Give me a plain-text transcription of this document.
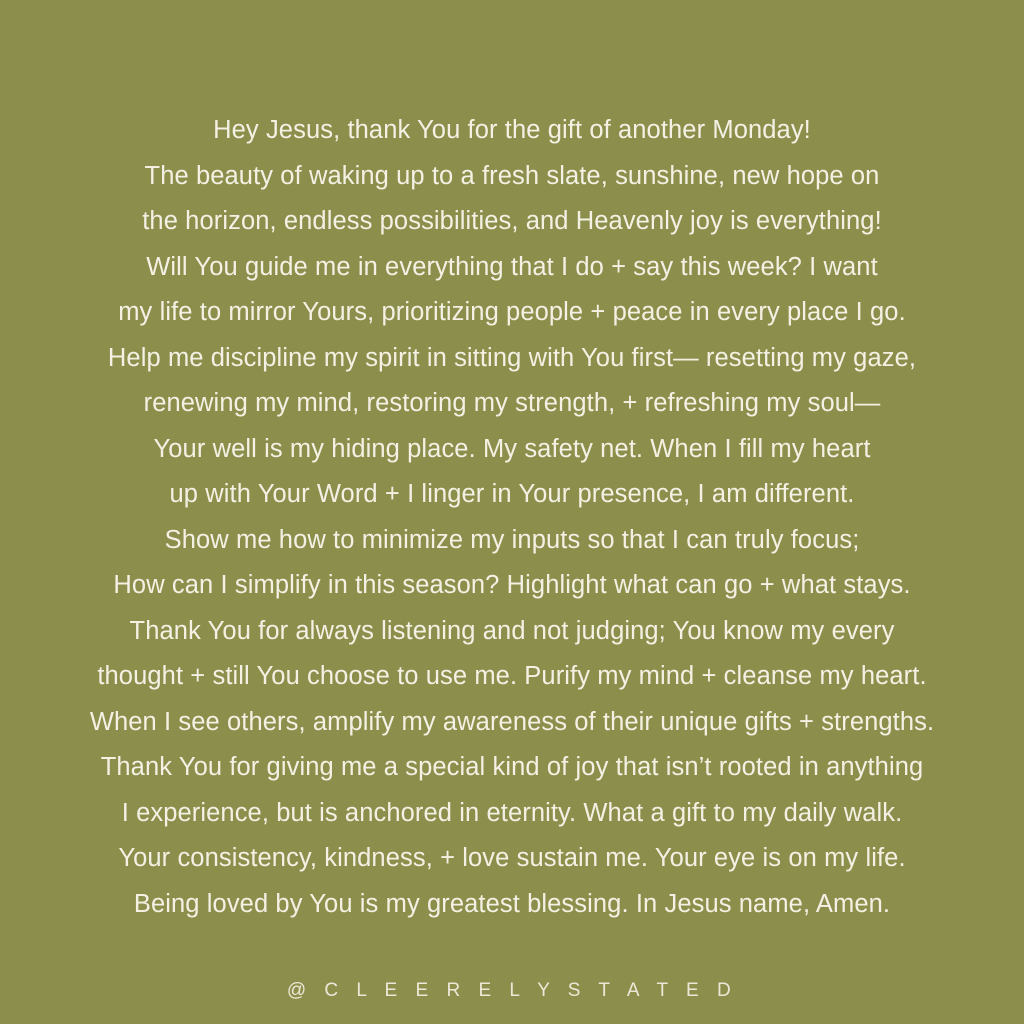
Hey Jesus, thank You for the gift of another Monday!
The beauty of waking up to a fresh slate, sunshine, new hope on
the horizon, endless possibilities, and Heavenly joy is everything!
Will You guide me in everything that I do + say this week? I want
my life to mirror Yours, prioritizing people + peace in every place I go.
Help me discipline my spirit in sitting with You first— resetting my gaze,
renewing my mind, restoring my strength, + refreshing my soul—
Your well is my hiding place. My safety net. When I fill my heart
up with Your Word + I linger in Your presence, I am different.
Show me how to minimize my inputs so that I can truly focus;
How can I simplify in this season? Highlight what can go + what stays.
Thank You for always listening and not judging; You know my every
thought + still You choose to use me. Purify my mind + cleanse my heart.
When I see others, amplify my awareness of their unique gifts + strengths.
Thank You for giving me a special kind of joy that isn’t rooted in anything
I experience, but is anchored in eternity. What a gift to my daily walk.
Your consistency, kindness, + love sustain me. Your eye is on my life.
Being loved by You is my greatest blessing. In Jesus name, Amen.
@ C L E E R E L Y S T A T E D
